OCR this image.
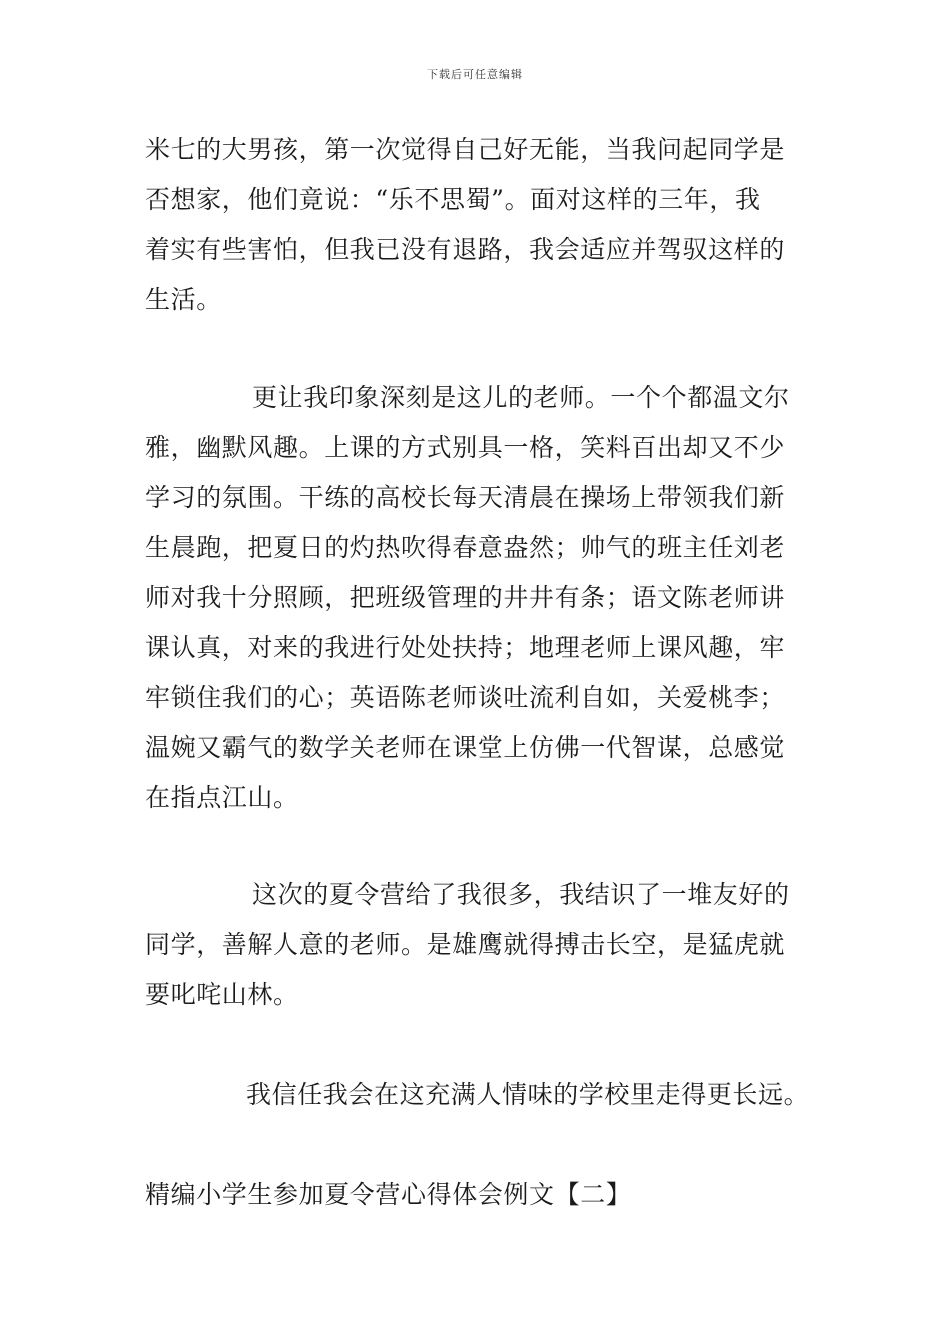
下载后可任意编辑
米七的大男孩，第一次觉得自己好无能，当我问起同学是
否想家，他们竟说：“乐不思蜀”。面对这样的三年，我
着实有些害怕，但我已没有退路，我会适应并驾驭这样的
生活。
更让我印象深刻是这儿的老师。一个个都温文尔
雅，幽默风趣。上课的方式别具一格，笑料百出却又不少
学习的氛围。干练的高校长每天清晨在操场上带领我们新
生晨跑，把夏日的灼热吹得春意盎然；帅气的班主任刘老
师对我十分照顾，把班级管理的井井有条；语文陈老师讲
课认真，对来的我进行处处扶持；地理老师上课风趣，牢
牢锁住我们的心；英语陈老师谈吐流利自如，关爱桃李；
温婉又霸气的数学关老师在课堂上仿佛一代智谋，总感觉
在指点江山。
这次的夏令营给了我很多，我结识了一堆友好的
同学，善解人意的老师。是雄鹰就得搏击长空，是猛虎就
要叱咤山林。
我信任我会在这充满人情味的学校里走得更长远。
精编小学生参加夏令营心得体会例文【二】
